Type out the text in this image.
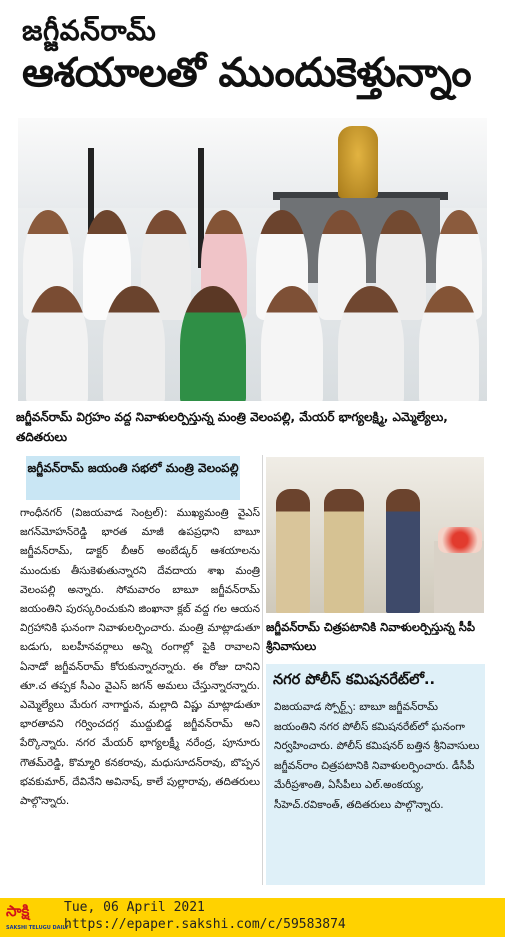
జగ్జీవన్‌రామ్
ఆశయాలతో ముందుకెళ్తున్నాం
జగ్జీవన్‌రామ్ విగ్రహం వద్ద నివాళులర్పిస్తున్న మంత్రి వెలంపల్లి, మేయర్ భాగ్యలక్ష్మి, ఎమ్మెల్యేలు, తదితరులు
జగ్జీవన్‌రామ్ జయంతి సభలో మంత్రి వెలంపల్లి
గాంధీనగర్ (విజయవాడ సెంట్రల్): ముఖ్యమంత్రి వైఎస్ జగన్‌మోహన్‌రెడ్డి భారత మాజీ ఉపప్రధాని బాబూ జగ్జీవన్‌రామ్, డాక్టర్ బీఆర్ అంబేడ్కర్ ఆశయాలను ముందుకు తీసుకెళుతున్నారని దేవదాయ శాఖ మంత్రి వెలంపల్లి అన్నారు. సోమవారం బాబూ జగ్జీవన్‌రామ్ జయంతిని పురస్కరించుకుని జింఖానా క్లబ్ వద్ద గల ఆయన విగ్రహానికి ఘనంగా నివాళులర్పించారు. మంత్రి మాట్లాడుతూ బడుగు, బలహీనవర్గాలు అన్ని రంగాల్లో పైకి రావాలని ఏనాడో జగ్జీవన్‌రామ్ కోరుకున్నారన్నారు. ఈ రోజు దానిని తూ.చ తప్పక సీఎం వైఎస్ జగన్ అమలు చేస్తున్నారన్నారు. ఎమ్మెల్యేలు మేరుగ నాగార్జున, మల్లాది విష్ణు మాట్లాడుతూ భారతావని గర్వించదగ్గ ముద్దుబిడ్డ జగ్జీవన్‌రామ్ అని పేర్కొన్నారు. నగర మేయర్ భాగ్యలక్ష్మీ నరేంద్ర, పూనూరు గౌతమ్‌రెడ్డి, కొమ్మారి కనకరావు, మధుసూదన్‌రావు, బొప్పన భవకుమార్, దేవినేని అవినాష్, కాలే పుల్లారావు, తదితరులు పాల్గొన్నారు.
జగ్జీవన్‌రామ్ చిత్రపటానికి నివాళులర్పిస్తున్న సీపీ శ్రీనివాసులు
నగర పోలీస్ కమిషనరేట్‌లో..
విజయవాడ స్పోర్ట్స్: బాబూ జగ్జీవన్‌రామ్ జయంతిని నగర పోలీస్ కమిషనరేట్‌లో ఘనంగా నిర్వహించారు. పోలీస్ కమిషనర్ బత్తిన శ్రీనివాసులు జగ్జీవన్‌రాం చిత్రపటానికి నివాళులర్పించారు. డీసీపీ మేరీప్రశాంతి, ఏసీపీలు ఎల్.అంకయ్య, సీహెచ్.రవికాంత్, తదితరులు పాల్గొన్నారు.
సాక్షి
SAKSHI TELUGU DAILY
Tue, 06 April 2021
https://epaper.sakshi.com/c/59583874
